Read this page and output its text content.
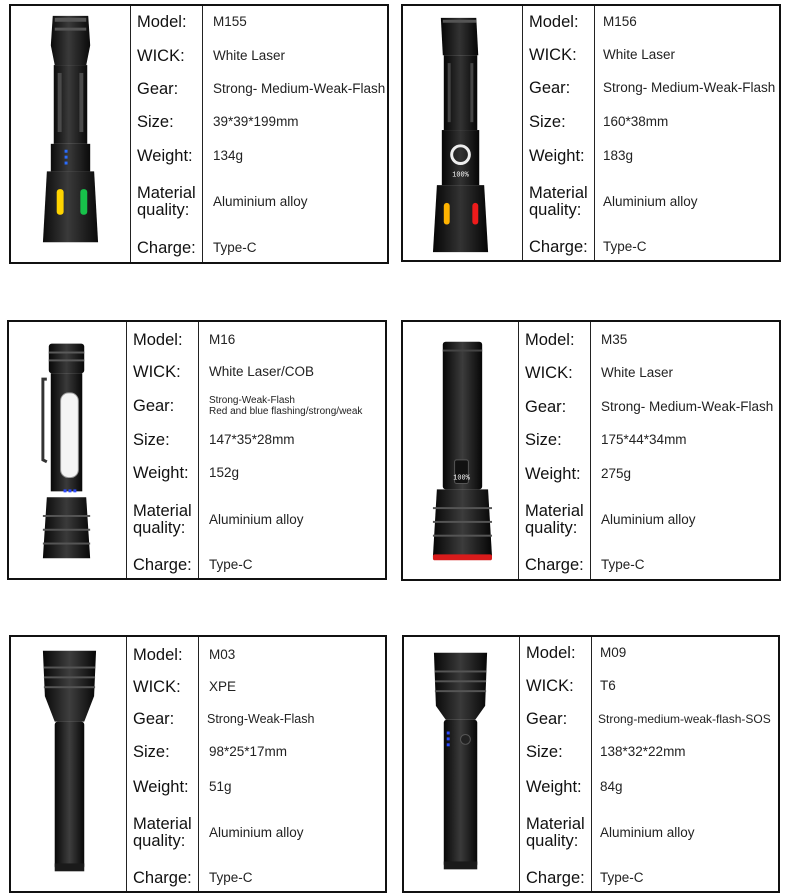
Model: M155
WICK: White Laser
Gear:	Strong- Medium-Weak-Flash
Size:	39*39*199mm
Weight: 134g
Material
quality:	Aluminium alloy
Charge: Type-C
100%
Model: M156
WICK: White Laser
Gear: Strong- Medium-Weak-Flash
Size:	160*38mm
Weight: 183g
Material
quality:	Aluminium alloy
Charge: Type-C
Model: M16
WICK: White Laser/COB
Gear:	Strong-Weak-Flash
Red and blue flashing/strong/weak
Size:	147*35*28mm
Weight: 152g
Material
quality:	Aluminium alloy
Charge: Type-C
100%
Model: M35
WICK: White Laser
Gear:	Strong- Medium-Weak-Flash
Size:	175*44*34mm
Weight: 275g
Material
quality:	Aluminium alloy
Charge: Type-C
Model: M03
WICK: XPE
Gear:	Strong-Weak-Flash
Size:	98*25*17mm
Weight: 51g
Material
quality:	Aluminium alloy
Charge: Type-C
Model: M09
WICK: T6
Gear:	Strong-medium-weak-flash-SOS
Size:	138*32*22mm
Weight: 84g
Material
quality:	Aluminium alloy
Charge: Type-C
